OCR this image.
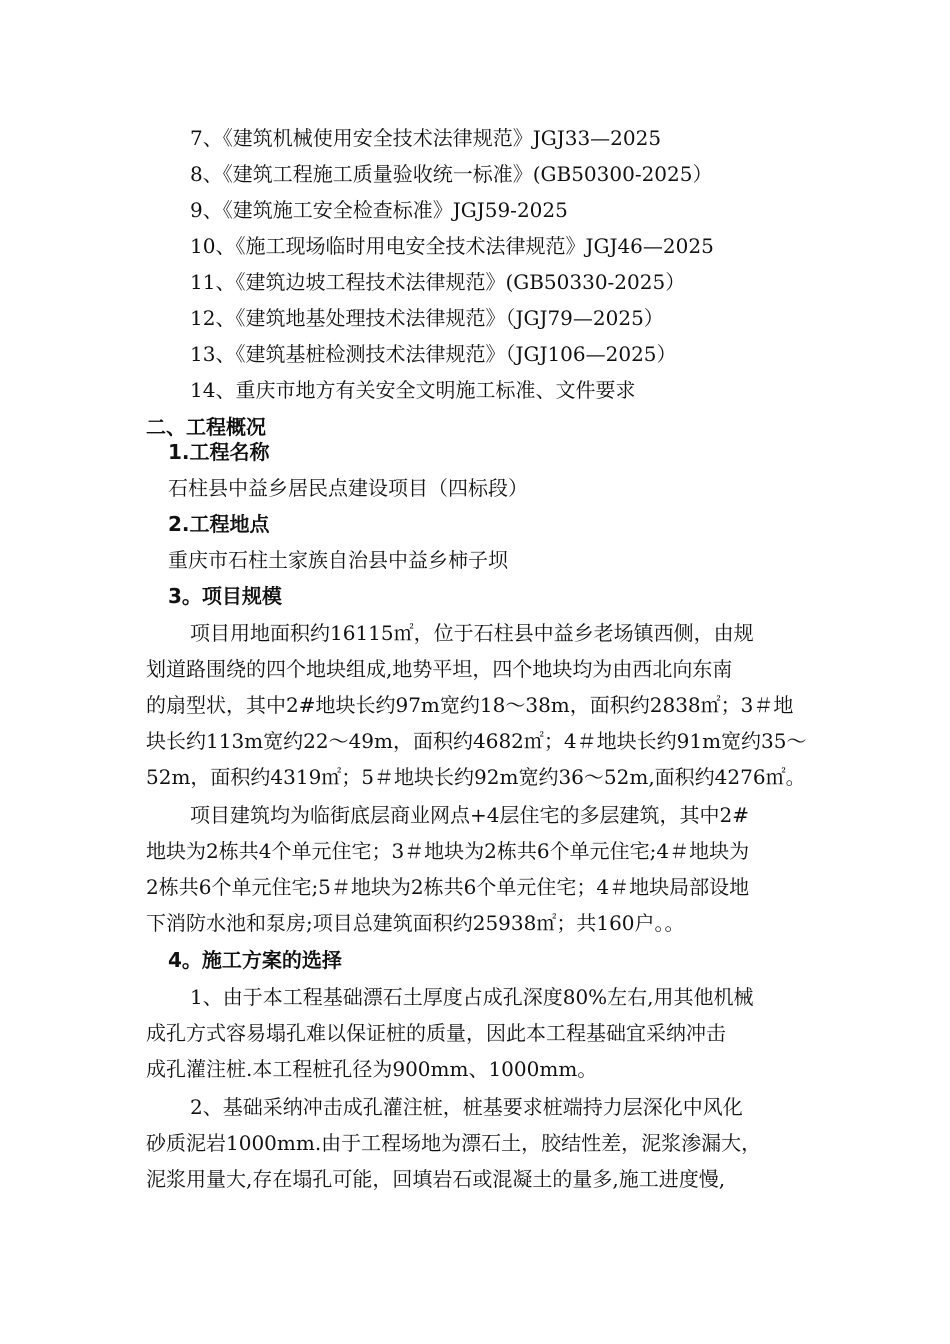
7、《建筑机械使用安全技术法律规范》JGJ33—2025
8、《建筑工程施工质量验收统一标准》(GB50300-2025）
9、《建筑施工安全检查标准》JGJ59-2025
10、《施工现场临时用电安全技术法律规范》JGJ46—2025
11、《建筑边坡工程技术法律规范》(GB50330-2025）
12、《建筑地基处理技术法律规范》（JGJ79—2025）
13、《建筑基桩检测技术法律规范》（JGJ106—2025）
14、重庆市地方有关安全文明施工标准、文件要求
二、工程概况
1.工程名称
石柱县中益乡居民点建设项目（四标段）
2.工程地点
重庆市石柱土家族自治县中益乡柿子坝
3。项目规模
项目用地面积约16115㎡，位于石柱县中益乡老场镇西侧，由规
划道路围绕的四个地块组成,地势平坦，四个地块均为由西北向东南
的扇型状，其中2#地块长约97m宽约18～38m，面积约2838㎡；3＃地
块长约113m宽约22～49m，面积约4682㎡；4＃地块长约91m宽约35～
52m，面积约4319㎡；5＃地块长约92m宽约36～52m,面积约4276㎡。
项目建筑均为临街底层商业网点+4层住宅的多层建筑，其中2#
地块为2栋共4个单元住宅；3＃地块为2栋共6个单元住宅;4＃地块为
2栋共6个单元住宅;5＃地块为2栋共6个单元住宅；4＃地块局部设地
下消防水池和泵房;项目总建筑面积约25938㎡；共160户。。
4。施工方案的选择
1、由于本工程基础漂石土厚度占成孔深度80%左右,用其他机械
成孔方式容易塌孔难以保证桩的质量，因此本工程基础宜采纳冲击
成孔灌注桩.本工程桩孔径为900mm、1000mm。
2、基础采纳冲击成孔灌注桩，桩基要求桩端持力层深化中风化
砂质泥岩1000mm.由于工程场地为漂石土，胶结性差，泥浆渗漏大，
泥浆用量大,存在塌孔可能，回填岩石或混凝土的量多,施工进度慢,
